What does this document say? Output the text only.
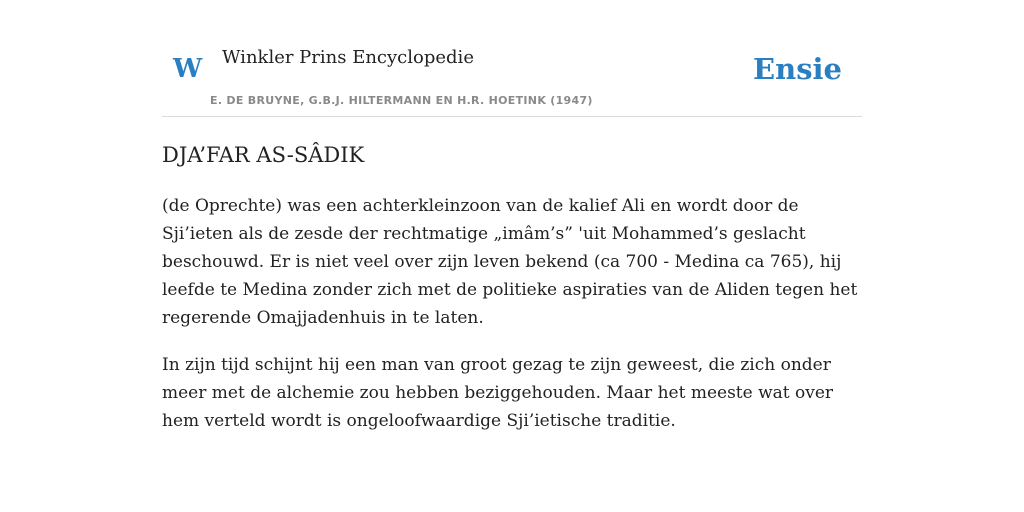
W Winkler Prins Encyclopedie
E. DE BRUYNE, G.B.J. HILTERMANN EN H.R. HOETINK (1947)
Ensie
DJA’FAR AS-SÂDIK

(de Oprechte) was een achterkleinzoon van de kalief Ali en wordt door de Sji’ieten als de zesde der rechtmatige „imâm’s” 'uit Mohammed’s geslacht beschouwd. Er is niet veel over zijn leven bekend (ca 700 - Medina ca 765), hij leefde te Medina zonder zich met de politieke aspiraties van de Aliden tegen het regerende Omajjadenhuis in te laten.

In zijn tijd schijnt hij een man van groot gezag te zijn geweest, die zich onder meer met de alchemie zou hebben beziggehouden. Maar het meeste wat over hem verteld wordt is ongeloofwaardige Sji’ietische traditie.
